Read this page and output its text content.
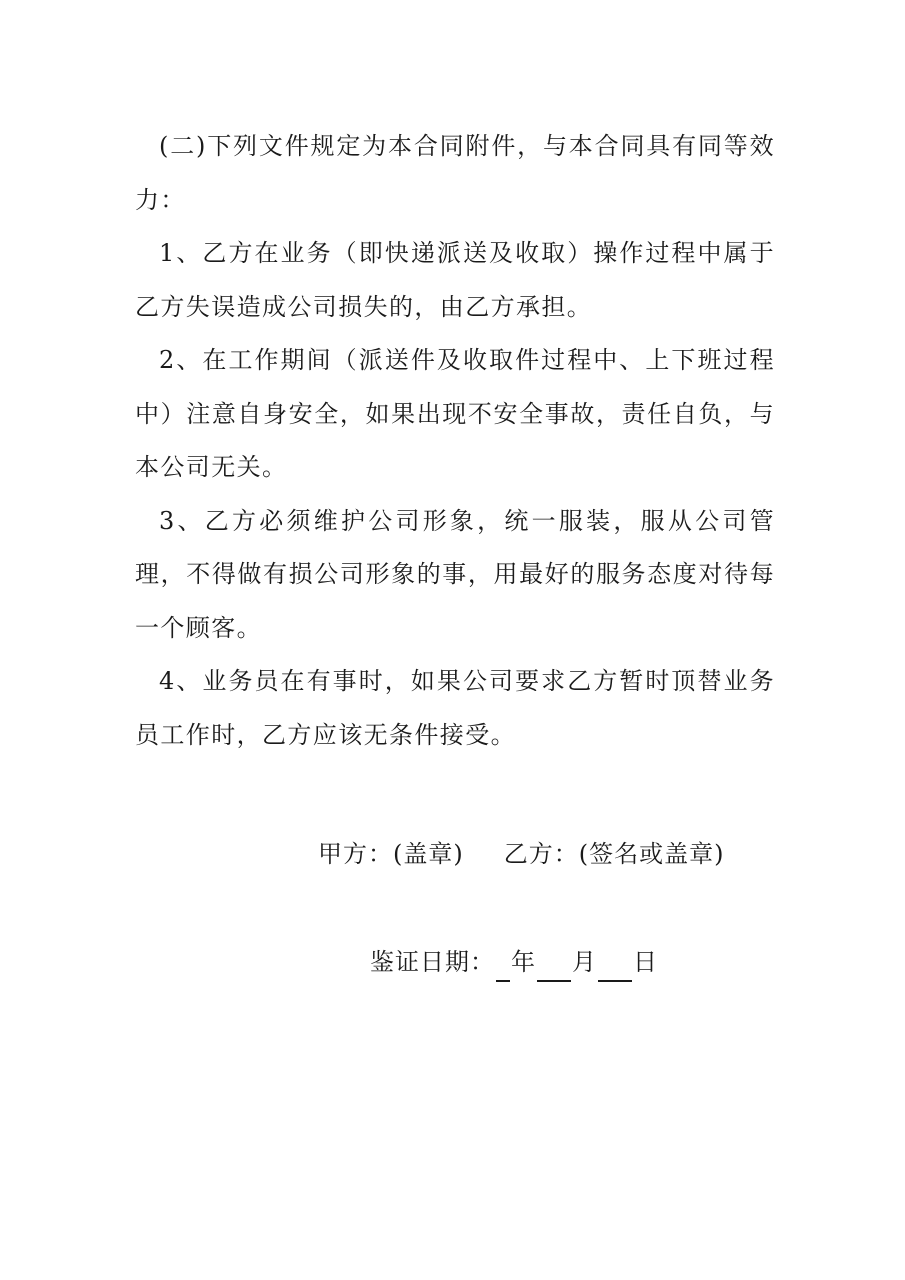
(二)下列文件规定为本合同附件，与本合同具有同等效力：

1、乙方在业务（即快递派送及收取）操作过程中属于乙方失误造成公司损失的，由乙方承担。

2、在工作期间（派送件及收取件过程中、上下班过程中）注意自身安全，如果出现不安全事故，责任自负，与本公司无关。

3、乙方必须维护公司形象，统一服装，服从公司管理，不得做有损公司形象的事，用最好的服务态度对待每一个顾客。

4、业务员在有事时，如果公司要求乙方暂时顶替业务员工作时，乙方应该无条件接受。

甲方：(盖章) 乙方：(签名或盖章)
鉴证日期： 年 月 日
